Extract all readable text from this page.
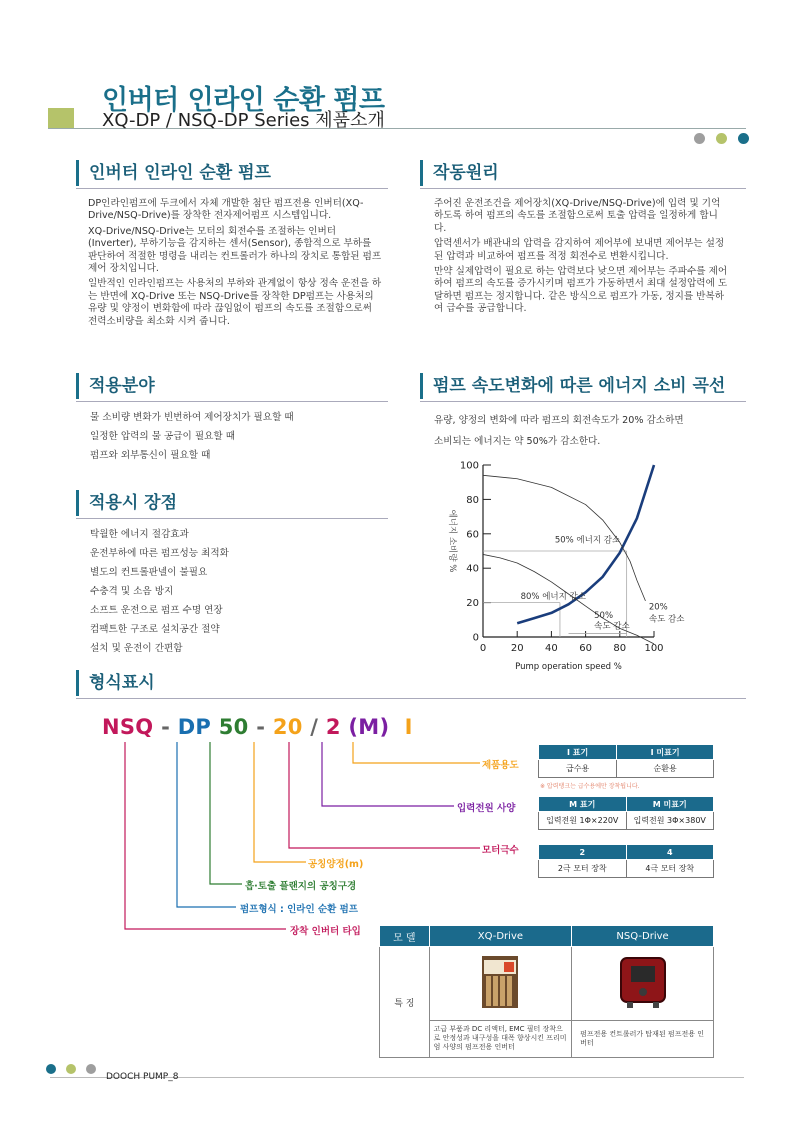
인버터 인라인 순환 펌프
XQ-DP / NSQ-DP Series 제품소개
인버터 인라인 순환 펌프

DP인라인펌프에 두크에서 자체 개발한 첨단 펌프전용 인버터(XQ-Drive/NSQ-Drive)를 장착한 전자제어펌프 시스템입니다.

XQ-Drive/NSQ-Drive는 모터의 회전수를 조절하는 인버터(Inverter), 부하기능을 감지하는 센서(Sensor), 종합적으로 부하를 판단하여 적절한 명령을 내리는 컨트롤러가 하나의 장치로 통합된 펌프제어 장치입니다.

일반적인 인라인펌프는 사용처의 부하와 관계없이 항상 정속 운전을 하는 반면에 XQ-Drive 또는 NSQ-Drive를 장착한 DP펌프는 사용처의 유량 및 양정이 변화함에 따라 끊임없이 펌프의 속도를 조절함으로써 전력소비량을 최소화 시켜 줍니다.

작동원리

주어진 운전조건을 제어장치(XQ-Drive/NSQ-Drive)에 입력 및 기억하도록 하여 펌프의 속도를 조절함으로써 토출 압력을 일정하게 합니다.

압력센서가 배관내의 압력을 감지하여 제어부에 보내면 제어부는 설정된 압력과 비교하여 펌프를 적정 회전수로 변환시킵니다.

만약 실제압력이 필요로 하는 압력보다 낮으면 제어부는 주파수를 제어하여 펌프의 속도를 증가시키며 펌프가 가동하면서 최대 설정압력에 도달하면 펌프는 정지합니다. 같은 방식으로 펌프가 가동, 정지를 반복하여 급수를 공급합니다.

적용분야
물 소비량 변화가 빈번하여 제어장치가 필요할 때
일정한 압력의 물 공급이 필요할 때
펌프와 외부통신이 필요할 때
적용시 장점
탁월한 에너지 절감효과
운전부하에 따른 펌프성능 최적화
별도의 컨트롤판넬이 불필요
수충격 및 소음 방지
소프트 운전으로 펌프 수명 연장
컴팩트한 구조로 설치공간 절약
설치 및 운전이 간편함
펌프 속도변화에 따른 에너지 소비 곡선
유량, 양정의 변화에 따라 펌프의 회전속도가 20% 감소하면
소비되는 에너지는 약 50%가 감소한다.
0
20
40
60
80
100
0 20 40 60 80 100
50% 에너지 감소
80% 에너지 감소
50%
속도 감소
20%
속도 감소
Pump operation speed %
에너지 소비량 %
형식표시
NSQ - DP 50 - 20 / 2 (M)  I
제품용도
입력전원 사양
모터극수
공칭양정(m)
흡·토출 플랜지의 공칭구경
펌프형식 : 인라인 순환 펌프
장착 인버터 타입
I 표기	I 미표기
급수용	순환용
※ 압력탱크는 급수용에만 장착됩니다.
M 표기	M 미표기
입력전원 1Φ×220V	입력전원 3Φ×380V
2	4
2극 모터 장착	4극 모터 장착
모 델	XQ-Drive	NSQ-Drive
특 징		
	고급 부품과 DC 리액터, EMC 필터 장착으로 안정성과 내구성을 대폭 향상시킨 프리미엄 사양의 펌프전용 인버터	펌프전용 컨트롤러가 탑재된 펌프전용 인버터
DOOCH PUMP_8
